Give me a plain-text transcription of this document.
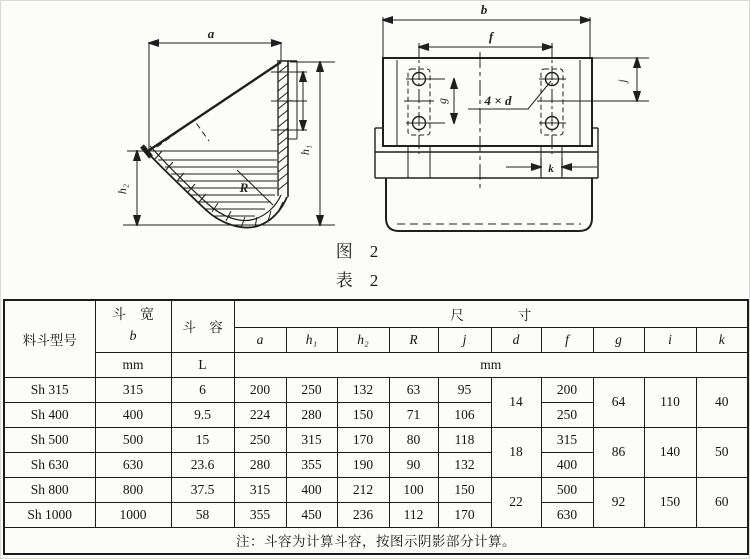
a
i
h₁
h₂	R
b
f
g	4 × d
j
k
图　2
表　2
料斗型号	斗　宽
b	斗　容	尺　　　　寸									
			a	h₁	h₂	R	j	d	f	g	i	k
	mm	L	mm									
Sh 315	315	6	200	250	132	63	95	14	200	64	110	40
Sh 400	400	9.5	224	280	150	71	106		250			
Sh 500	500	15	250	315	170	80	118	18	315	86	140	50
Sh 630	630	23.6	280	355	190	90	132		400			
Sh 800	800	37.5	315	400	212	100	150	22	500	92	150	60
Sh 1000	1000	58	355	450	236	112	170		630			
注：斗容为计算斗容，按图示阴影部分计算。												
